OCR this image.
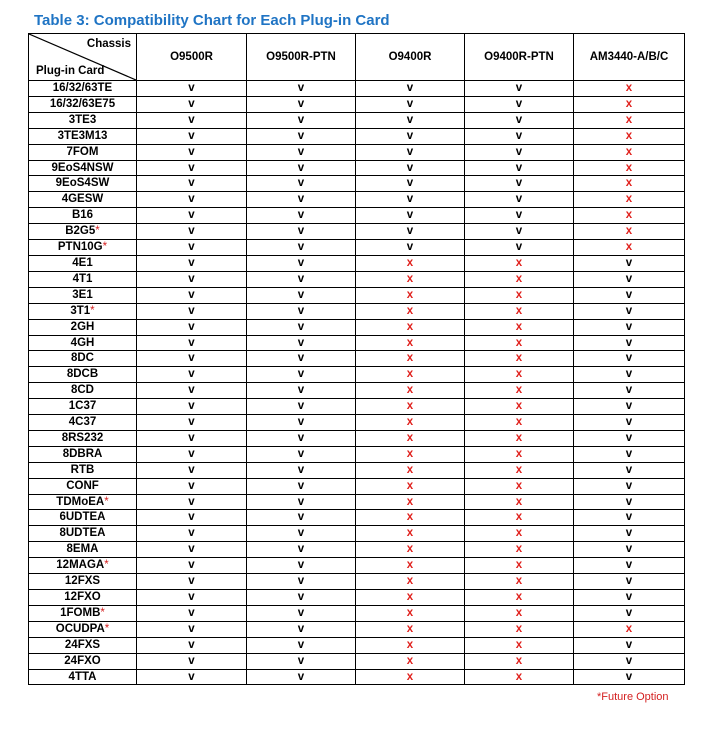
Table 3: Compatibility Chart for Each Plug-in Card
Chassis
Plug-in Card	O9500R	O9500R-PTN	O9400R	O9400R-PTN	AM3440-A/B/C
16/32/63TE	v	v	v	v	x
16/32/63E75	v	v	v	v	x
3TE3	v	v	v	v	x
3TE3M13	v	v	v	v	x
7FOM	v	v	v	v	x
9EoS4NSW	v	v	v	v	x
9EoS4SW	v	v	v	v	x
4GESW	v	v	v	v	x
B16	v	v	v	v	x
B2G5*	v	v	v	v	x
PTN10G*	v	v	v	v	x
4E1	v	v	x	x	v
4T1	v	v	x	x	v
3E1	v	v	x	x	v
3T1*	v	v	x	x	v
2GH	v	v	x	x	v
4GH	v	v	x	x	v
8DC	v	v	x	x	v
8DCB	v	v	x	x	v
8CD	v	v	x	x	v
1C37	v	v	x	x	v
4C37	v	v	x	x	v
8RS232	v	v	x	x	v
8DBRA	v	v	x	x	v
RTB	v	v	x	x	v
CONF	v	v	x	x	v
TDMoEA*	v	v	x	x	v
6UDTEA	v	v	x	x	v
8UDTEA	v	v	x	x	v
8EMA	v	v	x	x	v
12MAGA*	v	v	x	x	v
12FXS	v	v	x	x	v
12FXO	v	v	x	x	v
1FOMB*	v	v	x	x	v
OCUDPA*	v	v	x	x	x
24FXS	v	v	x	x	v
24FXO	v	v	x	x	v
4TTA	v	v	x	x	v
*Future Option
